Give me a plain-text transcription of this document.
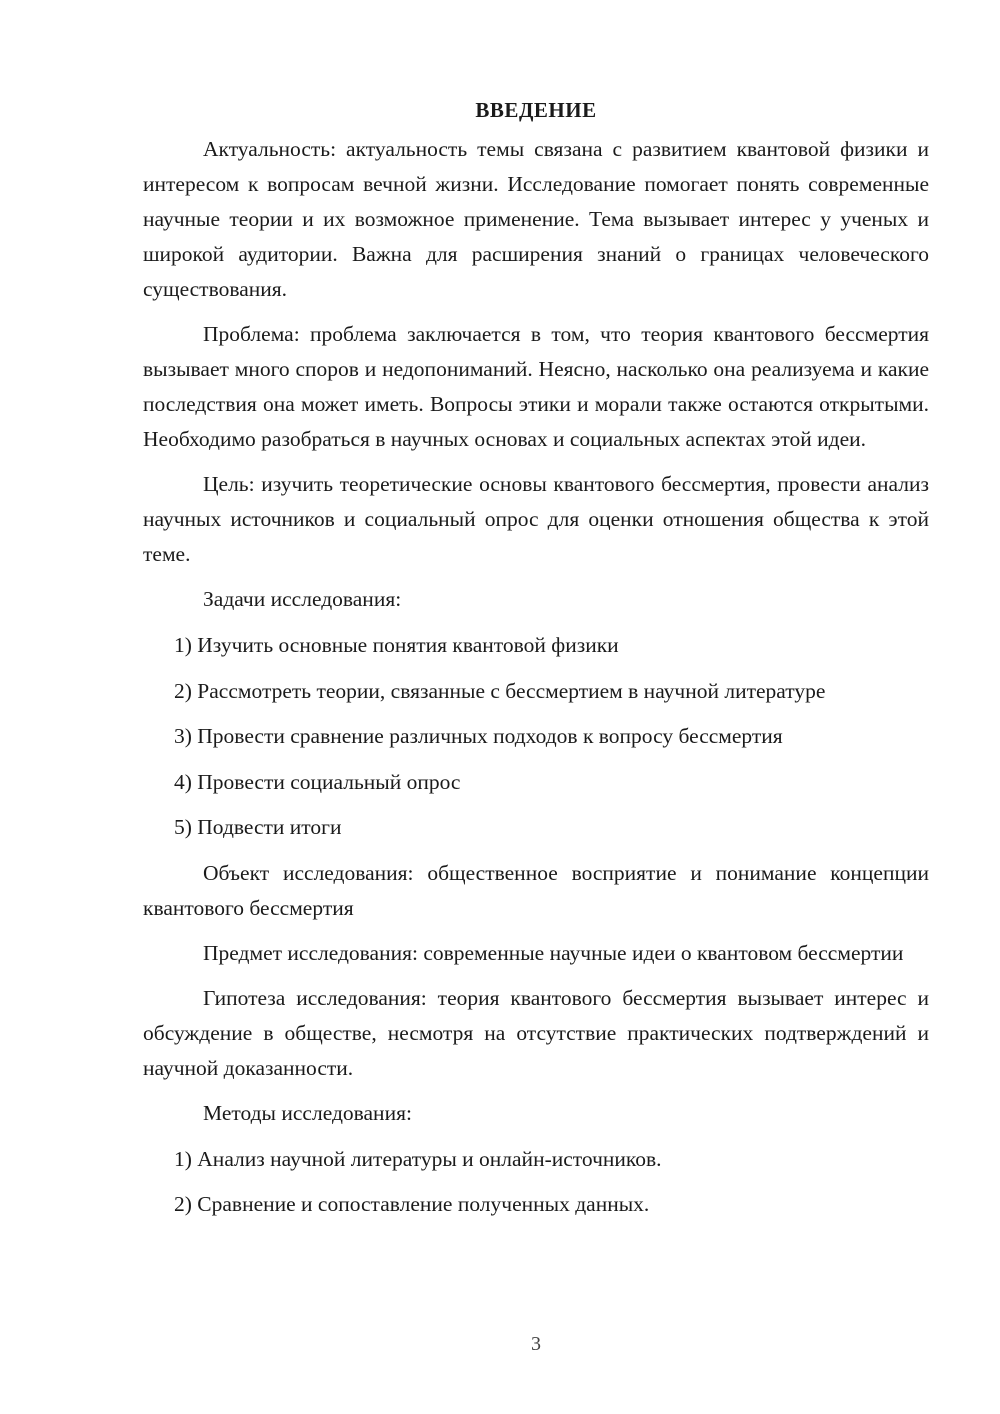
ВВЕДЕНИЕ

Актуальность: актуальность темы связана с развитием квантовой физики и интересом к вопросам вечной жизни. Исследование помогает понять современные научные теории и их возможное применение. Тема вызывает интерес у ученых и широкой аудитории. Важна для расширения знаний о границах человеческого существования.

Проблема: проблема заключается в том, что теория квантового бессмертия вызывает много споров и недопониманий. Неясно, насколько она реализуема и какие последствия она может иметь. Вопросы этики и морали также остаются открытыми. Необходимо разобраться в научных основах и социальных аспектах этой идеи.

Цель: изучить теоретические основы квантового бессмертия, провести анализ научных источников и социальный опрос для оценки отношения общества к этой теме.

Задачи исследования:

1) Изучить основные понятия квантовой физики
2) Рассмотреть теории, связанные с бессмертием в научной литературе
3) Провести сравнение различных подходов к вопросу бессмертия
4) Провести социальный опрос
5) Подвести итоги

Объект исследования: общественное восприятие и понимание концепции квантового бессмертия

Предмет исследования: современные научные идеи о квантовом бессмертии

Гипотеза исследования: теория квантового бессмертия вызывает интерес и обсуждение в обществе, несмотря на отсутствие практических подтверждений и научной доказанности.

Методы исследования:

1) Анализ научной литературы и онлайн-источников.
2) Сравнение и сопоставление полученных данных.
3
